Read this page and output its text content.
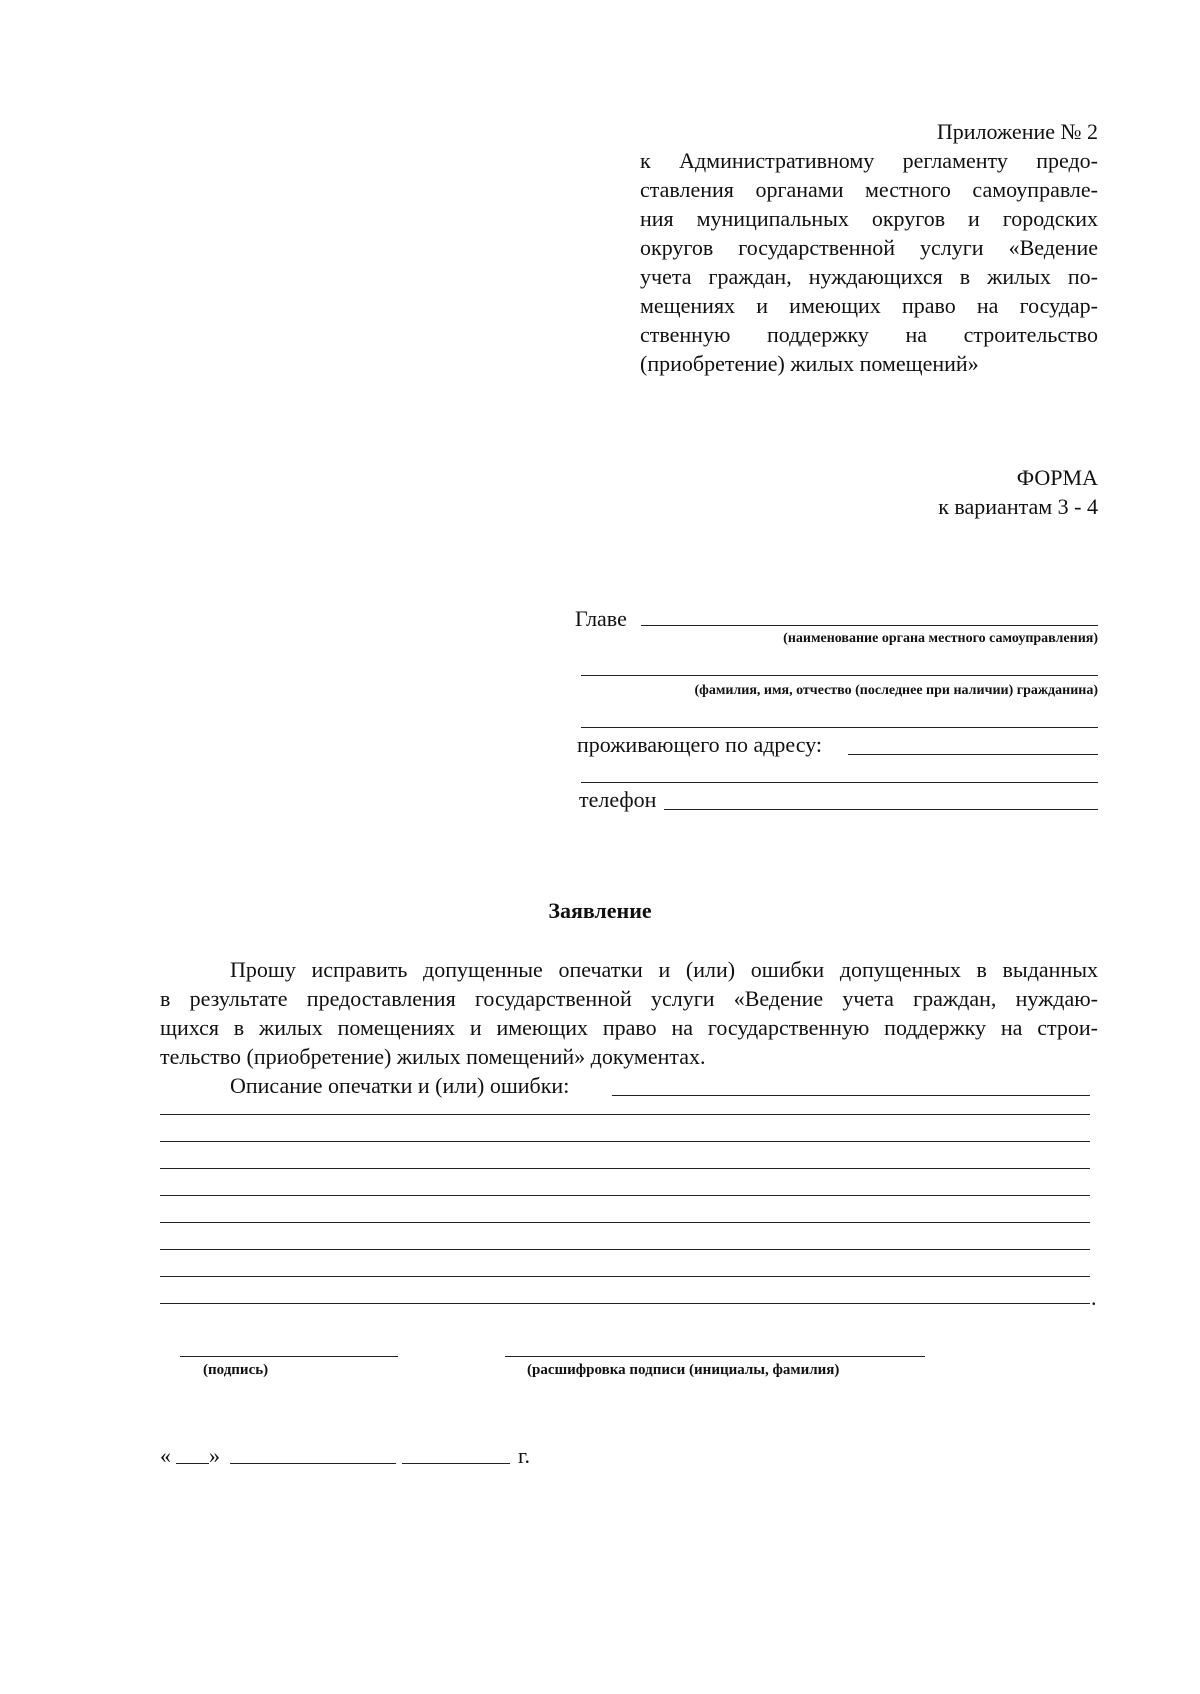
Приложение № 2
к Административному регламенту предо-
ставления органами местного самоуправле-
ния муниципальных округов и городских
округов государственной услуги «Ведение
учета граждан, нуждающихся в жилых по-
мещениях и имеющих право на государ-
ственную поддержку на строительство
(приобретение) жилых помещений»
ФОРМА
к вариантам 3 - 4
Главе
(наименование органа местного самоуправления)
(фамилия, имя, отчество (последнее при наличии) гражданина)
проживающего по адресу:
телефон
Заявление
Прошу исправить допущенные опечатки и (или) ошибки допущенных в выданных
в результате предоставления государственной услуги «Ведение учета граждан, нуждаю-
щихся в жилых помещениях и имеющих право на государственную поддержку на строи-
тельство (приобретение) жилых помещений» документах.
Описание опечатки и (или) ошибки:
.
(подпись)	(расшифровка подписи (инициалы, фамилия)
« »	г.
